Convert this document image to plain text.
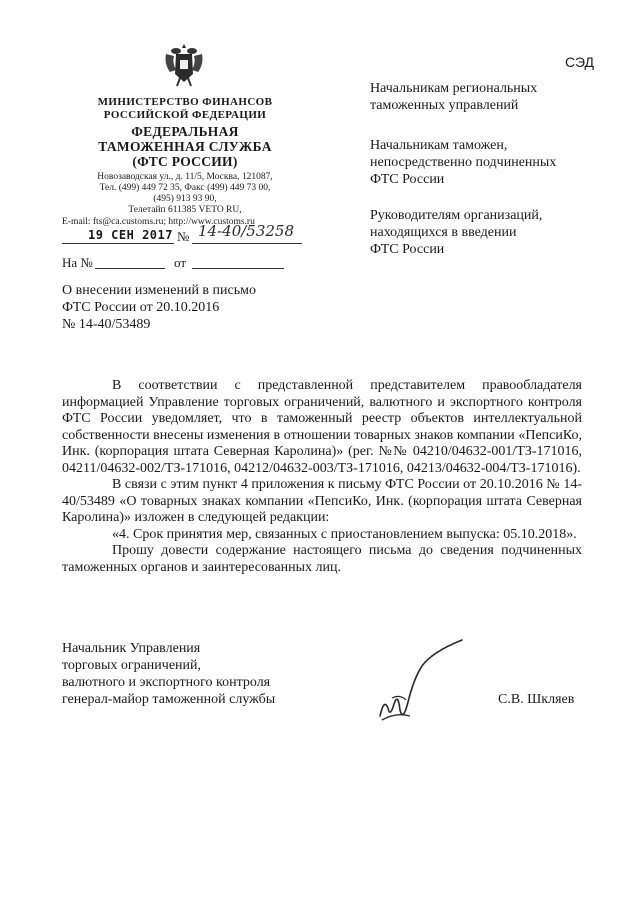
СЭД
МИНИСТЕРСТВО ФИНАНСОВ
РОССИЙСКОЙ ФЕДЕРАЦИИ
ФЕДЕРАЛЬНАЯ
ТАМОЖЕННАЯ СЛУЖБА
(ФТС РОССИИ)
Новозаводская ул., д. 11/5, Москва, 121087,
Тел. (499) 449 72 35, Факс (499) 449 73 00,
(495) 913 93 90,
Телетайп 611385 VETO RU,
E-mail: fts@ca.customs.ru; http://www.customs.ru
19 СЕН 2017 № 14-40/53258
На №	от
Начальникам региональных
таможенных управлений
Начальникам таможен,
непосредственно подчиненных
ФТС России
Руководителям организаций,
находящихся в введении
ФТС России
О внесении изменений в письмо
ФТС России от 20.10.2016
№ 14-40/53489

В соответствии с представленной представителем правообладателя информацией Управление торговых ограничений, валютного и экспортного контроля ФТС России уведомляет, что в таможенный реестр объектов интеллектуальной собственности внесены изменения в отношении товарных знаков компании «ПепсиКо, Инк. (корпорация штата Северная Каролина)» (рег. №№ 04210/04632-001/ТЗ-171016, 04211/04632-002/ТЗ-171016, 04212/04632-003/ТЗ-171016, 04213/04632-004/ТЗ-171016).

В связи с этим пункт 4 приложения к письму ФТС России от 20.10.2016 № 14-40/53489 «О товарных знаках компании «ПепсиКо, Инк. (корпорация штата Северная Каролина)» изложен в следующей редакции:

«4. Срок принятия мер, связанных с приостановлением выпуска: 05.10.2018».

Прошу довести содержание настоящего письма до сведения подчиненных таможенных органов и заинтересованных лиц.

Начальник Управления
торговых ограничений,
валютного и экспортного контроля
генерал-майор таможенной службы	С.В. Шкляев
